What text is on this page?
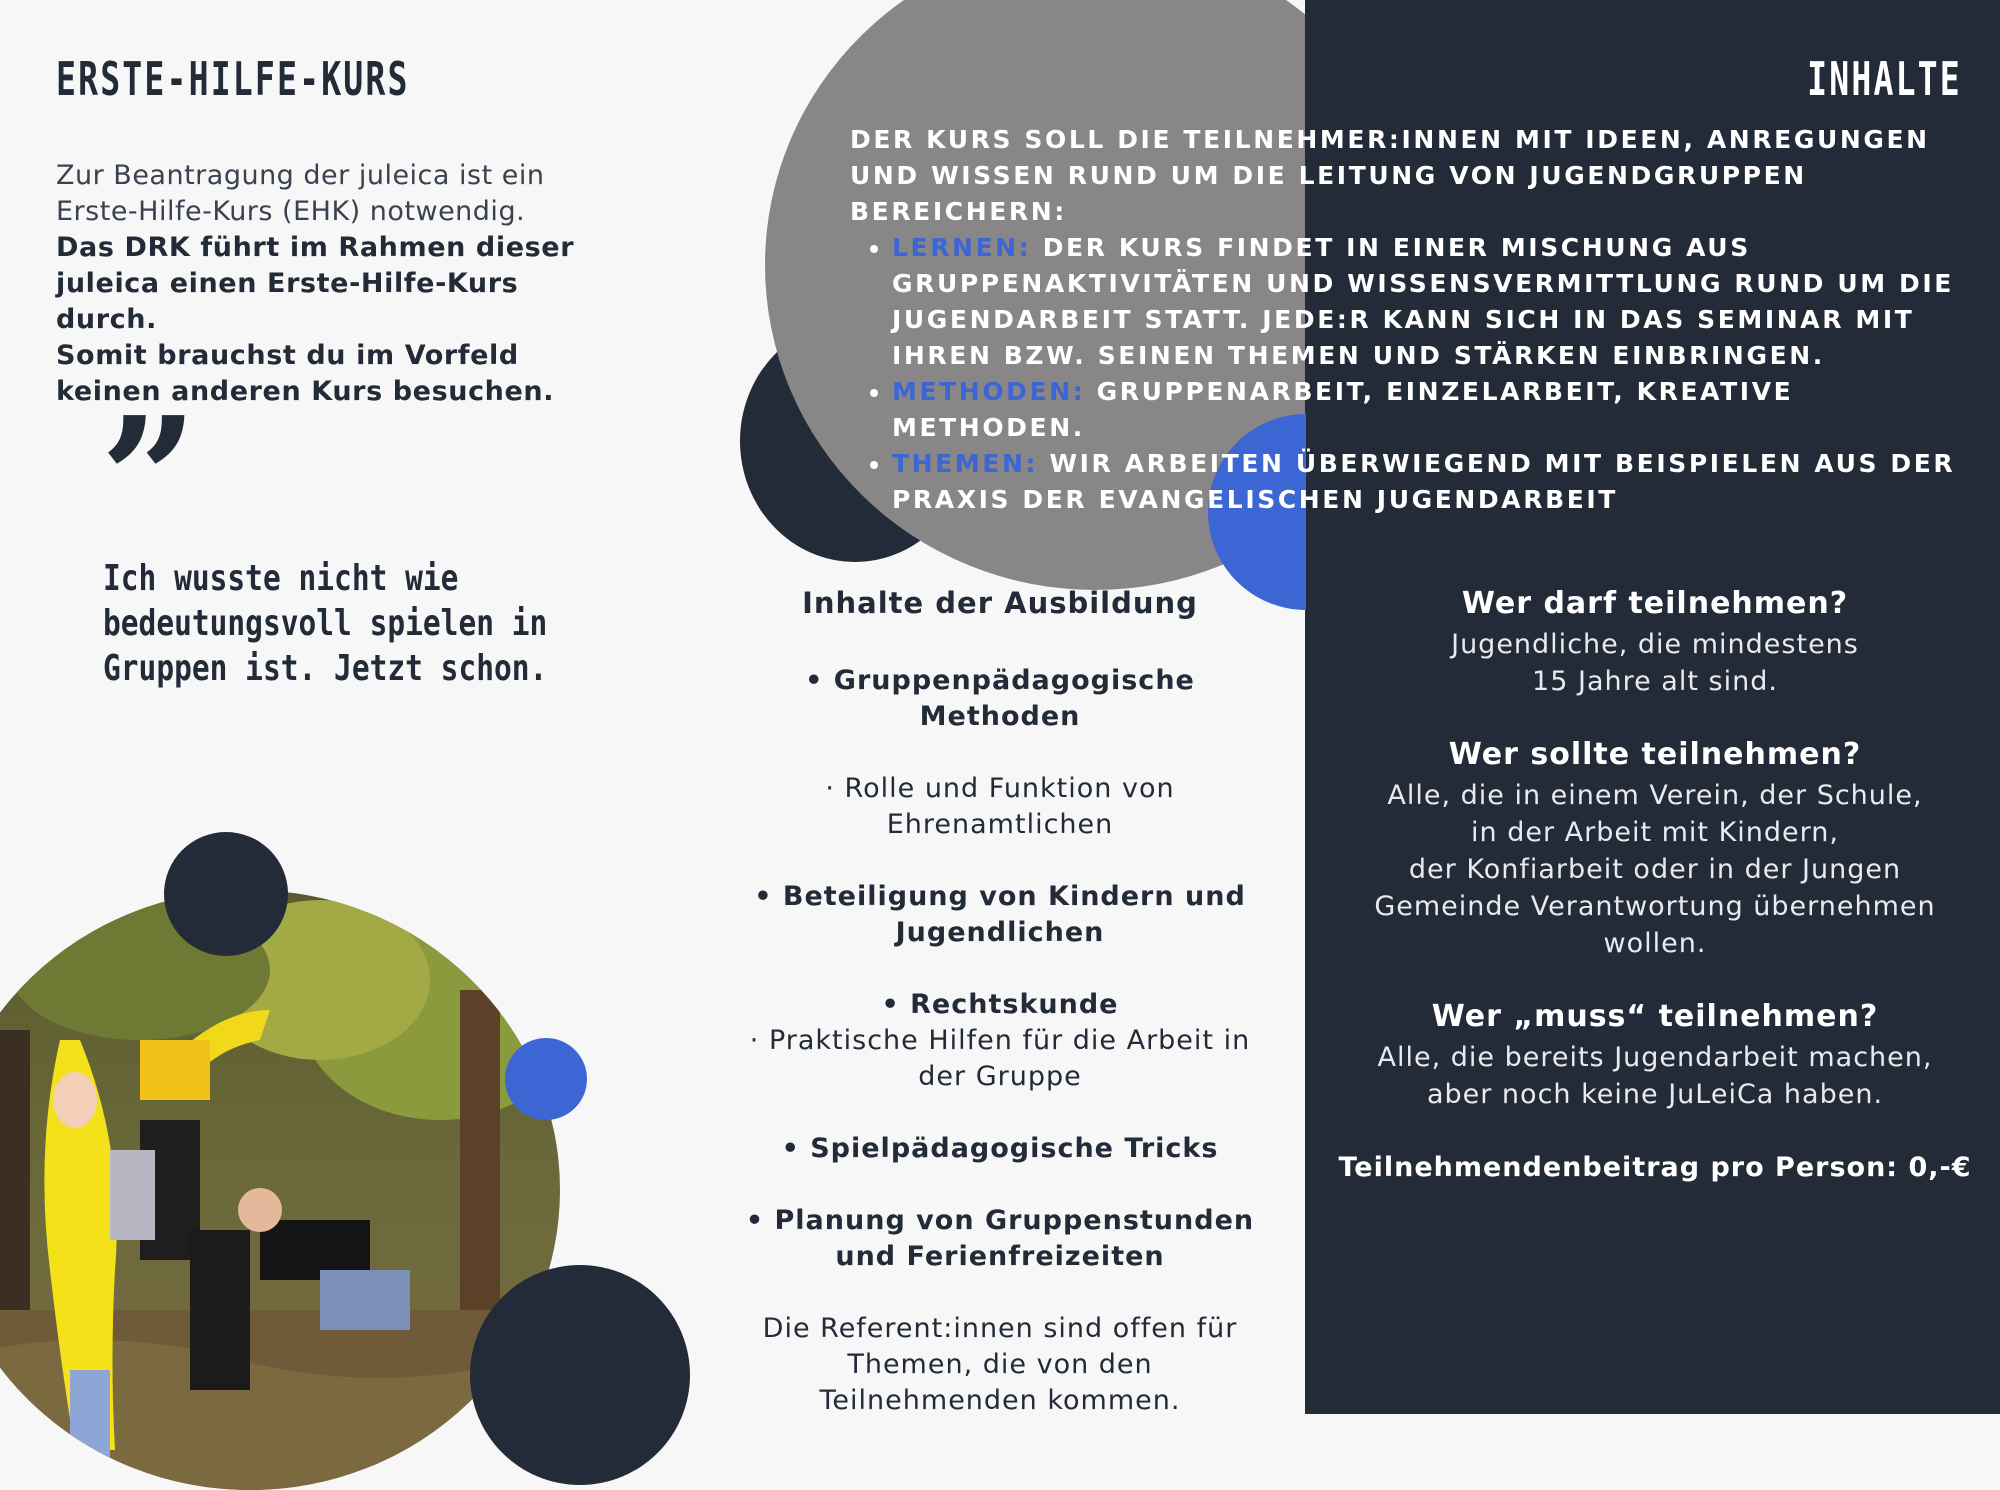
ERSTE-HILFE-KURS
Zur Beantragung der juleica ist ein
Erste-Hilfe-Kurs (EHK) notwendig.
Das DRK führt im Rahmen dieser
juleica einen Erste-Hilfe-Kurs durch.
Somit brauchst du im Vorfeld
keinen anderen Kurs besuchen.
”
Ich wusste nicht wie
bedeutungsvoll spielen in
Gruppen ist. Jetzt schon.
INHALTE
DER KURS SOLL DIE TEILNEHMER:INNEN MIT IDEEN, ANREGUNGEN UND WISSEN RUND UM DIE LEITUNG VON JUGENDGRUPPEN BEREICHERN:
• LERNEN: DER KURS FINDET IN EINER MISCHUNG AUS GRUPPENAKTIVITÄTEN UND WISSENSVERMITTLUNG RUND UM DIE JUGENDARBEIT STATT. JEDE:R KANN SICH IN DAS SEMINAR MIT IHREN BZW. SEINEN THEMEN UND STÄRKEN EINBRINGEN.
• METHODEN: GRUPPENARBEIT, EINZELARBEIT, KREATIVE METHODEN.
• THEMEN: WIR ARBEITEN ÜBERWIEGEND MIT BEISPIELEN AUS DER PRAXIS DER EVANGELISCHEN JUGENDARBEIT
Inhalte der Ausbildung
• Gruppenpädagogische Methoden
· Rolle und Funktion von
Ehrenamtlichen
• Beteiligung von Kindern und
Jugendlichen
• Rechtskunde
· Praktische Hilfen für die Arbeit in
der Gruppe
• Spielpädagogische Tricks
• Planung von Gruppenstunden
und Ferienfreizeiten
Die Referent:innen sind offen für
Themen, die von den
Teilnehmenden kommen.
Wer darf teilnehmen?
Jugendliche, die mindestens
15 Jahre alt sind.
Wer sollte teilnehmen?
Alle, die in einem Verein, der Schule,
in der Arbeit mit Kindern,
der Konfiarbeit oder in der Jungen
Gemeinde Verantwortung übernehmen
wollen.
Wer „muss“ teilnehmen?
Alle, die bereits Jugendarbeit machen,
aber noch keine JuLeiCa haben.
Teilnehmendenbeitrag pro Person: 0,-€
